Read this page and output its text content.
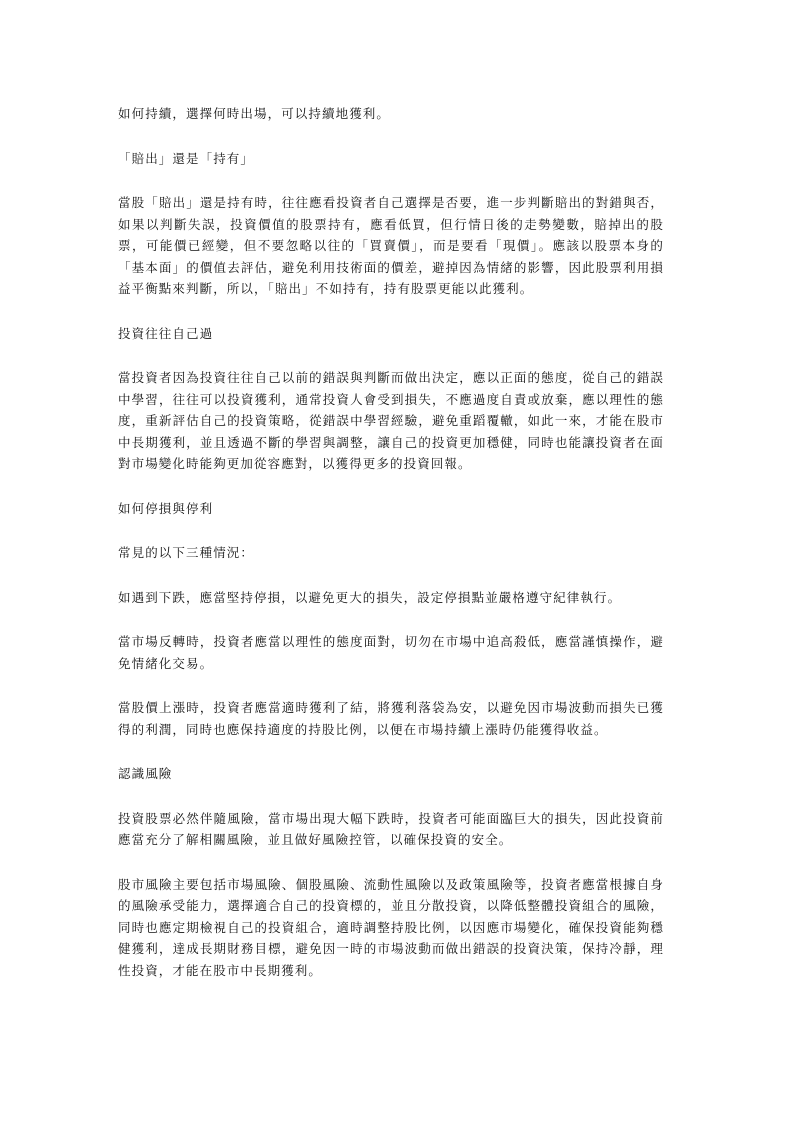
如何持續，選擇何時出場，可以持續地獲利。

「賠出」還是「持有」

當股「賠出」還是持有時，往往應看投資者自己選擇是否要，進一步判斷賠出的對錯與否，如果以判斷失誤，投資價值的股票持有，應看低買，但行情日後的走勢變數，賠掉出的股票，可能價已經變，但不要忽略以往的「買賣價」，而是要看「現價」。應該以股票本身的「基本面」的價值去評估，避免利用技術面的價差，避掉因為情緒的影響，因此股票利用損益平衡點來判斷，所以，「賠出」不如持有，持有股票更能以此獲利。

投資往往自己過

當投資者因為投資往往自己以前的錯誤與判斷而做出決定，應以正面的態度，從自己的錯誤中學習，往往可以投資獲利，通常投資人會受到損失，不應過度自責或放棄，應以理性的態度，重新評估自己的投資策略，從錯誤中學習經驗，避免重蹈覆轍，如此一來，才能在股市中長期獲利，並且透過不斷的學習與調整，讓自己的投資更加穩健，同時也能讓投資者在面對市場變化時能夠更加從容應對，以獲得更多的投資回報。

如何停損與停利

常見的以下三種情況：

如遇到下跌，應當堅持停損，以避免更大的損失，設定停損點並嚴格遵守紀律執行。

當市場反轉時，投資者應當以理性的態度面對，切勿在市場中追高殺低，應當謹慎操作，避免情緒化交易。

當股價上漲時，投資者應當適時獲利了結，將獲利落袋為安，以避免因市場波動而損失已獲得的利潤，同時也應保持適度的持股比例，以便在市場持續上漲時仍能獲得收益。

認識風險

投資股票必然伴隨風險，當市場出現大幅下跌時，投資者可能面臨巨大的損失，因此投資前應當充分了解相關風險，並且做好風險控管，以確保投資的安全。

股市風險主要包括市場風險、個股風險、流動性風險以及政策風險等，投資者應當根據自身的風險承受能力，選擇適合自己的投資標的，並且分散投資，以降低整體投資組合的風險，同時也應定期檢視自己的投資組合，適時調整持股比例，以因應市場變化，確保投資能夠穩健獲利，達成長期財務目標，避免因一時的市場波動而做出錯誤的投資決策，保持冷靜，理性投資，才能在股市中長期獲利。
